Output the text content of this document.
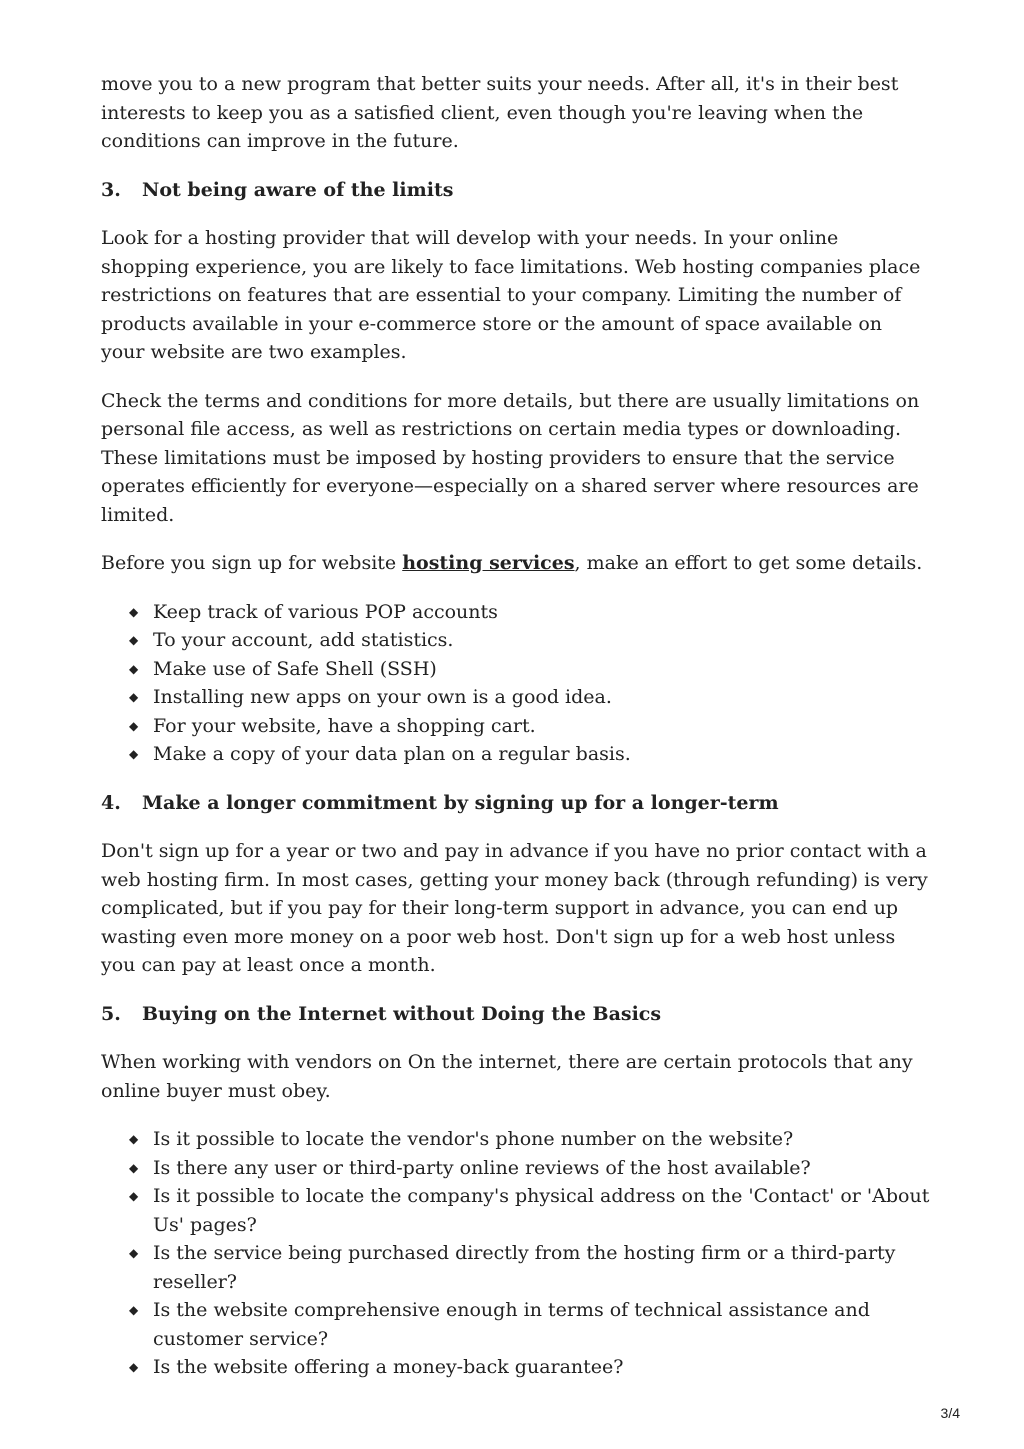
move you to a new program that better suits your needs. After all, it's in their best interests to keep you as a satisfied client, even though you're leaving when the conditions can improve in the future.

3. Not being aware of the limits

Look for a hosting provider that will develop with your needs. In your online shopping experience, you are likely to face limitations. Web hosting companies place restrictions on features that are essential to your company. Limiting the number of products available in your e-commerce store or the amount of space available on your website are two examples.

Check the terms and conditions for more details, but there are usually limitations on personal file access, as well as restrictions on certain media types or downloading. These limitations must be imposed by hosting providers to ensure that the service operates efficiently for everyone—especially on a shared server where resources are limited.

Before you sign up for website hosting services, make an effort to get some details.

◆ Keep track of various POP accounts
◆ To your account, add statistics.
◆ Make use of Safe Shell (SSH)
◆ Installing new apps on your own is a good idea.
◆ For your website, have a shopping cart.
◆ Make a copy of your data plan on a regular basis.
4. Make a longer commitment by signing up for a longer-term

Don't sign up for a year or two and pay in advance if you have no prior contact with a web hosting firm. In most cases, getting your money back (through refunding) is very complicated, but if you pay for their long-term support in advance, you can end up wasting even more money on a poor web host. Don't sign up for a web host unless you can pay at least once a month.

5. Buying on the Internet without Doing the Basics

When working with vendors on On the internet, there are certain protocols that any online buyer must obey.

◆ Is it possible to locate the vendor's phone number on the website?
◆ Is there any user or third-party online reviews of the host available?
◆ Is it possible to locate the company's physical address on the 'Contact' or 'About Us' pages?
◆ Is the service being purchased directly from the hosting firm or a third-party reseller?
◆ Is the website comprehensive enough in terms of technical assistance and customer service?
◆ Is the website offering a money-back guarantee?
3/4
